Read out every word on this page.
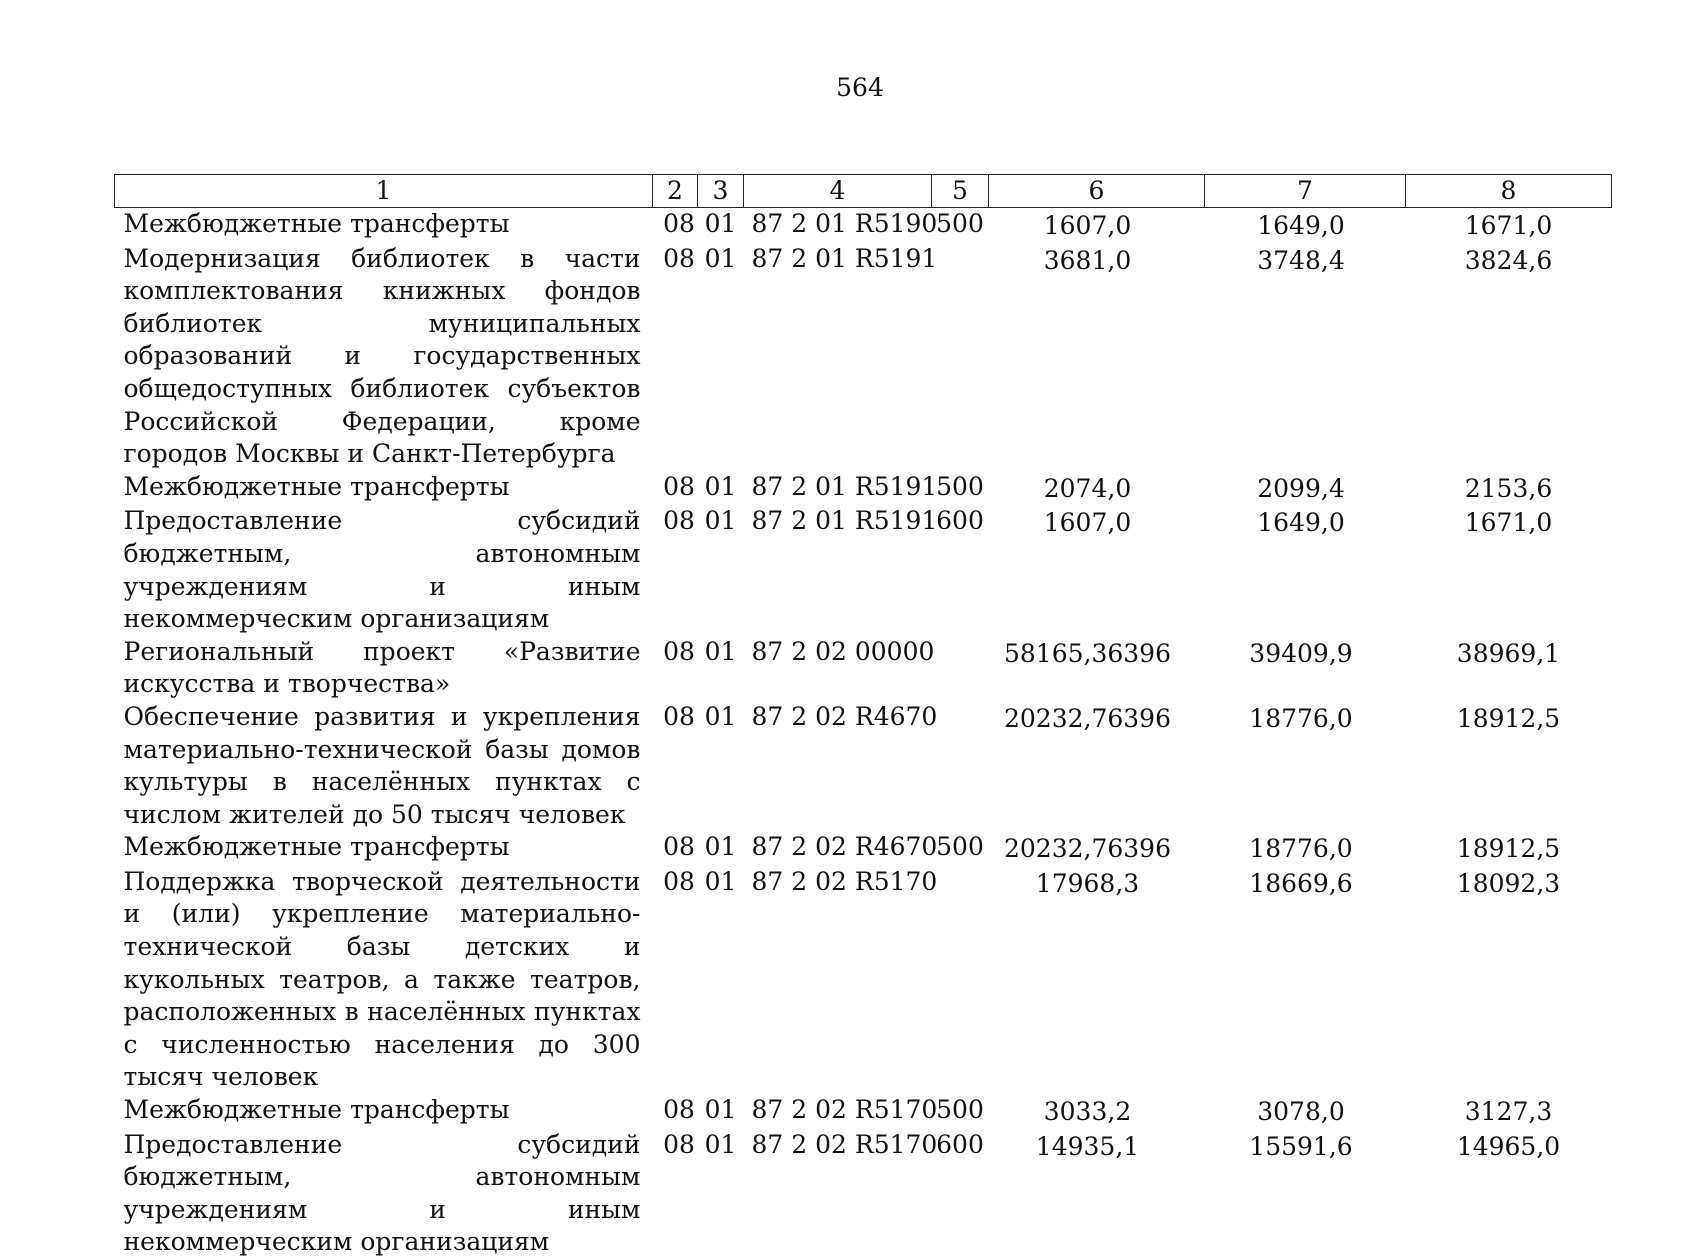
564
1	2	3	4	5	6	7	8
Межбюджетные трансферты	08	01	87 2 01 R5190	500	1607,0	1649,0	1671,0
Модернизация библиотек в части комплектования книжных фондов библиотек муниципальных образований и государственных общедоступных библиотек субъектов Российской Федерации, кроме городов Москвы и Санкт-Петербурга	08	01	87 2 01 R5191		3681,0	3748,4	3824,6
Межбюджетные трансферты	08	01	87 2 01 R5191	500	2074,0	2099,4	2153,6
Предоставление субсидий бюджетным, автономным учреждениям и иным некоммерческим организациям	08	01	87 2 01 R5191	600	1607,0	1649,0	1671,0
Региональный проект «Развитие искусства и творчества»	08	01	87 2 02 00000		58165,36396	39409,9	38969,1
Обеспечение развития и укрепления материально-технической базы домов культуры в населённых пунктах с числом жителей до 50 тысяч человек	08	01	87 2 02 R4670		20232,76396	18776,0	18912,5
Межбюджетные трансферты	08	01	87 2 02 R4670	500	20232,76396	18776,0	18912,5
Поддержка творческой деятельности и (или) укрепление материально-технической базы детских и кукольных театров, а также театров, расположенных в населённых пунктах с численностью населения до 300 тысяч человек	08	01	87 2 02 R5170		17968,3	18669,6	18092,3
Межбюджетные трансферты	08	01	87 2 02 R5170	500	3033,2	3078,0	3127,3
Предоставление субсидий бюджетным, автономным учреждениям и иным некоммерческим организациям	08	01	87 2 02 R5170	600	14935,1	15591,6	14965,0
